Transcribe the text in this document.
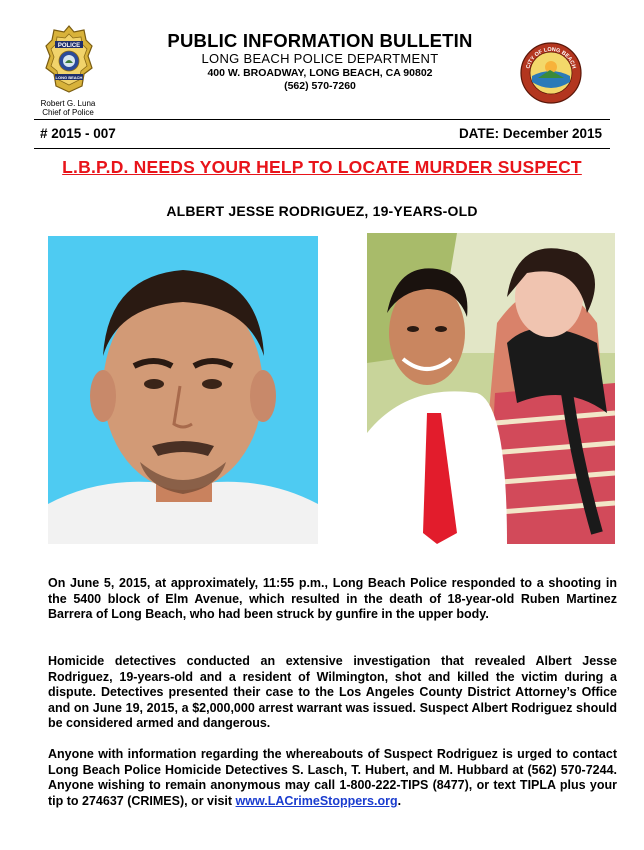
POLICE
LONG BEACH
Robert G. Luna
Chief of Police
PUBLIC INFORMATION BULLETIN
LONG BEACH POLICE DEPARTMENT
400 W. BROADWAY, LONG BEACH, CA 90802
(562) 570-7260
CITY OF LONG BEACH
# 2015 - 007	DATE: December 2015
L.B.P.D. NEEDS YOUR HELP TO LOCATE MURDER SUSPECT
ALBERT JESSE RODRIGUEZ, 19-YEARS-OLD
On June 5, 2015, at approximately, 11:55 p.m., Long Beach Police responded to a shooting in the 5400 block of Elm Avenue, which resulted in the death of 18-year-old Ruben Martinez Barrera of Long Beach, who had been struck by gunfire in the upper body.
Homicide detectives conducted an extensive investigation that revealed Albert Jesse Rodriguez, 19-years-old and a resident of Wilmington, shot and killed the victim during a dispute. Detectives presented their case to the Los Angeles County District Attorney’s Office and on June 19, 2015, a $2,000,000 arrest warrant was issued. Suspect Albert Rodriguez should be considered armed and dangerous.
Anyone with information regarding the whereabouts of Suspect Rodriguez is urged to contact Long Beach Police Homicide Detectives S. Lasch, T. Hubert, and M. Hubbard at (562) 570-7244. Anyone wishing to remain anonymous may call 1-800-222-TIPS (8477), or text TIPLA plus your tip to 274637 (CRIMES), or visit www.LACrimeStoppers.org.
